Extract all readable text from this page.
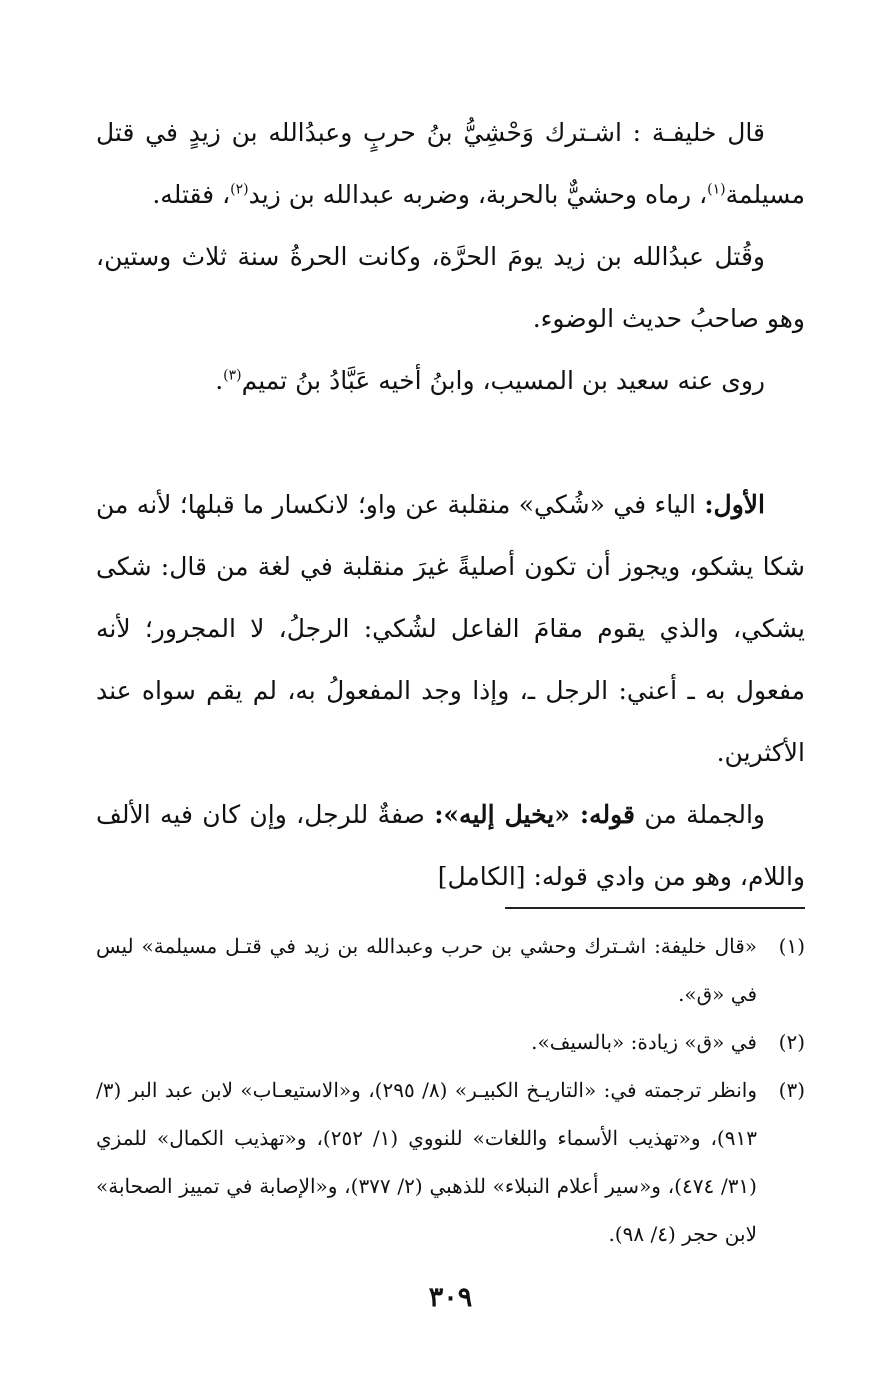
قال خليفـة : اشـترك وَحْشِيُّ بنُ حربٍ وعبدُالله بن زيدٍ في قتل مسيلمة$^{(١)}$، رماه وحشيٌّ بالحربة، وضربه عبدالله بن زيد$^{(٢)}$، فقتله.

وقُتل عبدُالله بن زيد يومَ الحرَّة، وكانت الحرةُ سنة ثلاث وستين، وهو صاحبُ حديث الوضوء.

روى عنه سعيد بن المسيب، وابنُ أخيه عَبَّادُ بنُ تميم$^{(٣)}$.

الأول: الياء في «شُكي» منقلبة عن واو؛ لانكسار ما قبلها؛ لأنه من شكا يشكو، ويجوز أن تكون أصليةً غيرَ منقلبة في لغة من قال: شكى يشكي، والذي يقوم مقامَ الفاعل لشُكي: الرجلُ، لا المجرور؛ لأنه مفعول به ـ أعني: الرجل ـ، وإذا وجد المفعولُ به، لم يقم سواه عند الأكثرين.

والجملة من قوله: «يخيل إليه»: صفةٌ للرجل، وإن كان فيه الألف واللام، وهو من وادي قوله: [الكامل]

(١)
«قال خليفة: اشـترك وحشي بن حرب وعبدالله بن زيد في قتـل مسيلمة» ليس في «ق».
(٢)
في «ق» زيادة: «بالسيف».
(٣)
وانظر ترجمته في: «التاريـخ الكبيـر» (٨/ ٢٩٥)، و«الاستيعـاب» لابن عبد البر (٣/ ٩١٣)، و«تهذيب الأسماء واللغات» للنووي (١/ ٢٥٢)، و«تهذيب الكمال» للمزي (٣١/ ٤٧٤)، و«سير أعلام النبلاء» للذهبي (٢/ ٣٧٧)، و«الإصابة في تمييز الصحابة» لابن حجر (٤/ ٩٨).
٣٠٩
